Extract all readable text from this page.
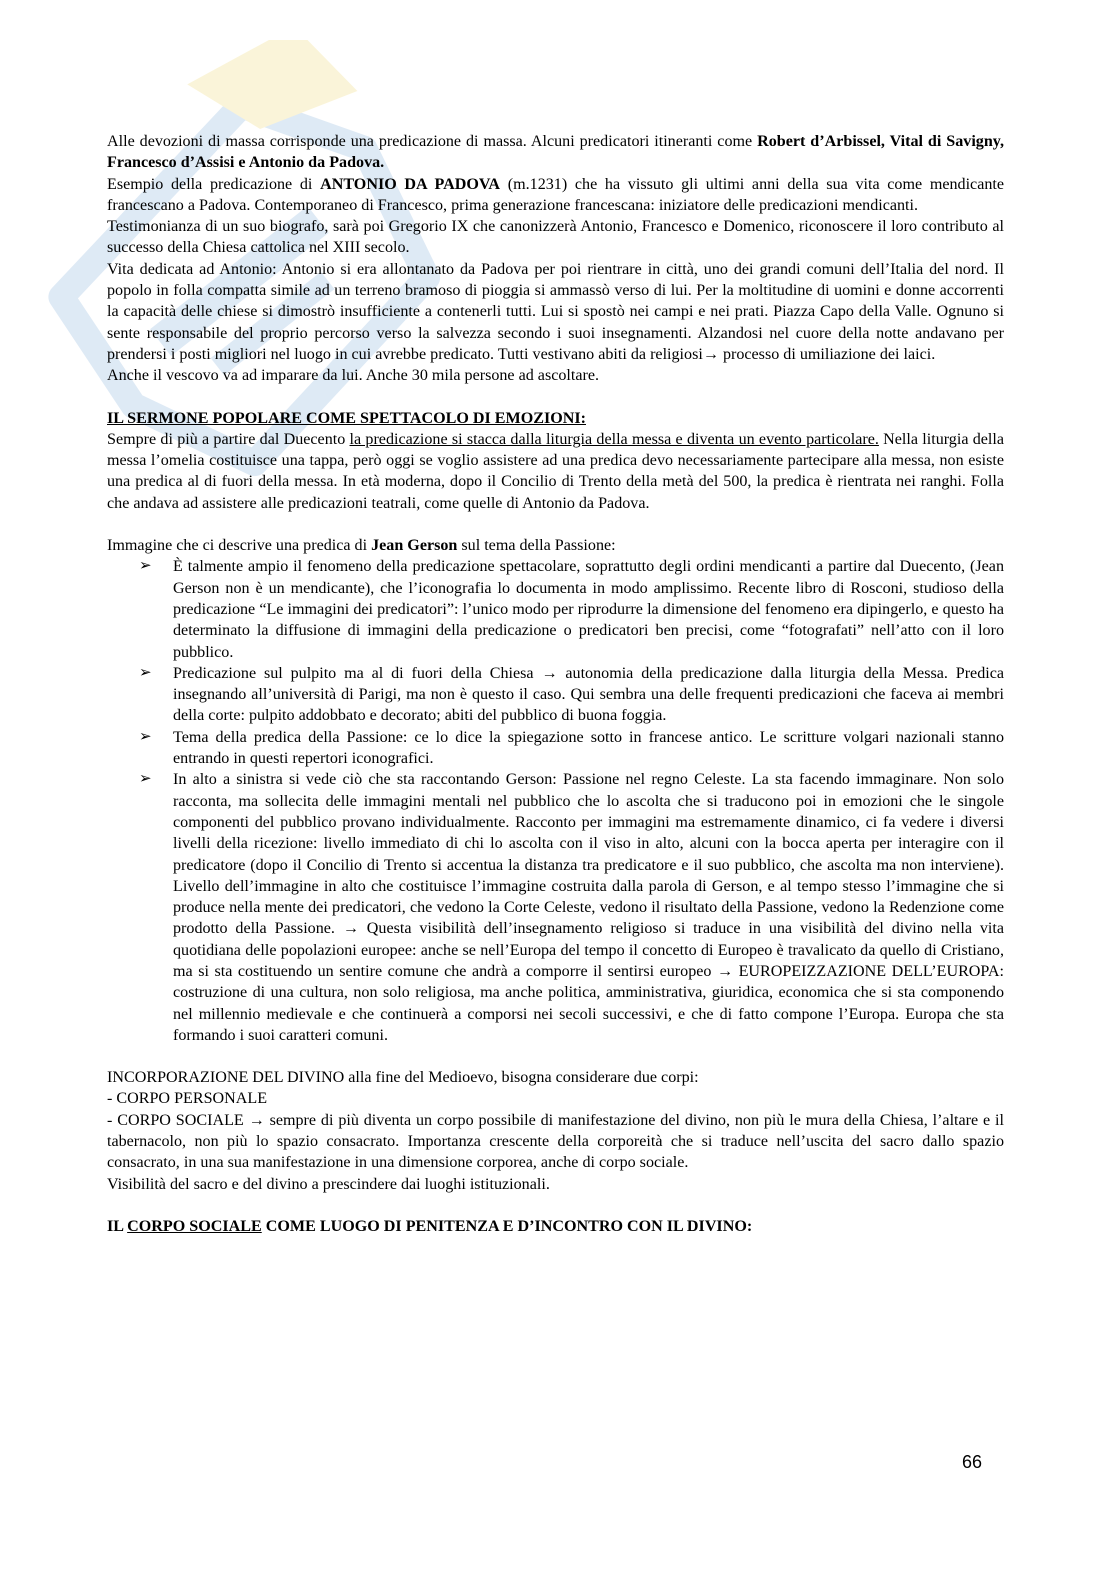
Alle devozioni di massa corrisponde una predicazione di massa. Alcuni predicatori itineranti come Robert d’Arbissel, Vital di Savigny, Francesco d’Assisi e Antonio da Padova.

Esempio della predicazione di ANTONIO DA PADOVA (m.1231) che ha vissuto gli ultimi anni della sua vita come mendicante francescano a Padova. Contemporaneo di Francesco, prima generazione francescana: iniziatore delle predicazioni mendicanti.

Testimonianza di un suo biografo, sarà poi Gregorio IX che canonizzerà Antonio, Francesco e Domenico, riconoscere il loro contributo al successo della Chiesa cattolica nel XIII secolo.

Vita dedicata ad Antonio: Antonio si era allontanato da Padova per poi rientrare in città, uno dei grandi comuni dell’Italia del nord. Il popolo in folla compatta simile ad un terreno bramoso di pioggia si ammassò verso di lui. Per la moltitudine di uomini e donne accorrenti la capacità delle chiese si dimostrò insufficiente a contenerli tutti. Lui si spostò nei campi e nei prati. Piazza Capo della Valle. Ognuno si sente responsabile del proprio percorso verso la salvezza secondo i suoi insegnamenti. Alzandosi nel cuore della notte andavano per prendersi i posti migliori nel luogo in cui avrebbe predicato. Tutti vestivano abiti da religiosi→ processo di umiliazione dei laici.

Anche il vescovo va ad imparare da lui. Anche 30 mila persone ad ascoltare.

IL SERMONE POPOLARE COME SPETTACOLO DI EMOZIONI:

Sempre di più a partire dal Duecento la predicazione si stacca dalla liturgia della messa e diventa un evento particolare. Nella liturgia della messa l’omelia costituisce una tappa, però oggi se voglio assistere ad una predica devo necessariamente partecipare alla messa, non esiste una predica al di fuori della messa. In età moderna, dopo il Concilio di Trento della metà del 500, la predica è rientrata nei ranghi. Folla che andava ad assistere alle predicazioni teatrali, come quelle di Antonio da Padova.

Immagine che ci descrive una predica di Jean Gerson sul tema della Passione:

➢ È talmente ampio il fenomeno della predicazione spettacolare, soprattutto degli ordini mendicanti a partire dal Duecento, (Jean Gerson non è un mendicante), che l’iconografia lo documenta in modo amplissimo. Recente libro di Rosconi, studioso della predicazione “Le immagini dei predicatori”: l’unico modo per riprodurre la dimensione del fenomeno era dipingerlo, e questo ha determinato la diffusione di immagini della predicazione o predicatori ben precisi, come “fotografati” nell’atto con il loro pubblico.
➢ Predicazione sul pulpito ma al di fuori della Chiesa → autonomia della predicazione dalla liturgia della Messa. Predica insegnando all’università di Parigi, ma non è questo il caso. Qui sembra una delle frequenti predicazioni che faceva ai membri della corte: pulpito addobbato e decorato; abiti del pubblico di buona foggia.
➢ Tema della predica della Passione: ce lo dice la spiegazione sotto in francese antico. Le scritture volgari nazionali stanno entrando in questi repertori iconografici.
➢ In alto a sinistra si vede ciò che sta raccontando Gerson: Passione nel regno Celeste. La sta facendo immaginare. Non solo racconta, ma sollecita delle immagini mentali nel pubblico che lo ascolta che si traducono poi in emozioni che le singole componenti del pubblico provano individualmente. Racconto per immagini ma estremamente dinamico, ci fa vedere i diversi livelli della ricezione: livello immediato di chi lo ascolta con il viso in alto, alcuni con la bocca aperta per interagire con il predicatore (dopo il Concilio di Trento si accentua la distanza tra predicatore e il suo pubblico, che ascolta ma non interviene). Livello dell’immagine in alto che costituisce l’immagine costruita dalla parola di Gerson, e al tempo stesso l’immagine che si produce nella mente dei predicatori, che vedono la Corte Celeste, vedono il risultato della Passione, vedono la Redenzione come prodotto della Passione. → Questa visibilità dell’insegnamento religioso si traduce in una visibilità del divino nella vita quotidiana delle popolazioni europee: anche se nell’Europa del tempo il concetto di Europeo è travalicato da quello di Cristiano, ma si sta costituendo un sentire comune che andrà a comporre il sentirsi europeo → EUROPEIZZAZIONE DELL’EUROPA: costruzione di una cultura, non solo religiosa, ma anche politica, amministrativa, giuridica, economica che si sta componendo nel millennio medievale e che continuerà a comporsi nei secoli successivi, e che di fatto compone l’Europa. Europa che sta formando i suoi caratteri comuni.

INCORPORAZIONE DEL DIVINO alla fine del Medioevo, bisogna considerare due corpi:

- CORPO PERSONALE

- CORPO SOCIALE → sempre di più diventa un corpo possibile di manifestazione del divino, non più le mura della Chiesa, l’altare e il tabernacolo, non più lo spazio consacrato. Importanza crescente della corporeità che si traduce nell’uscita del sacro dallo spazio consacrato, in una sua manifestazione in una dimensione corporea, anche di corpo sociale.

Visibilità del sacro e del divino a prescindere dai luoghi istituzionali.

IL CORPO SOCIALE COME LUOGO DI PENITENZA E D’INCONTRO CON IL DIVINO:

66
